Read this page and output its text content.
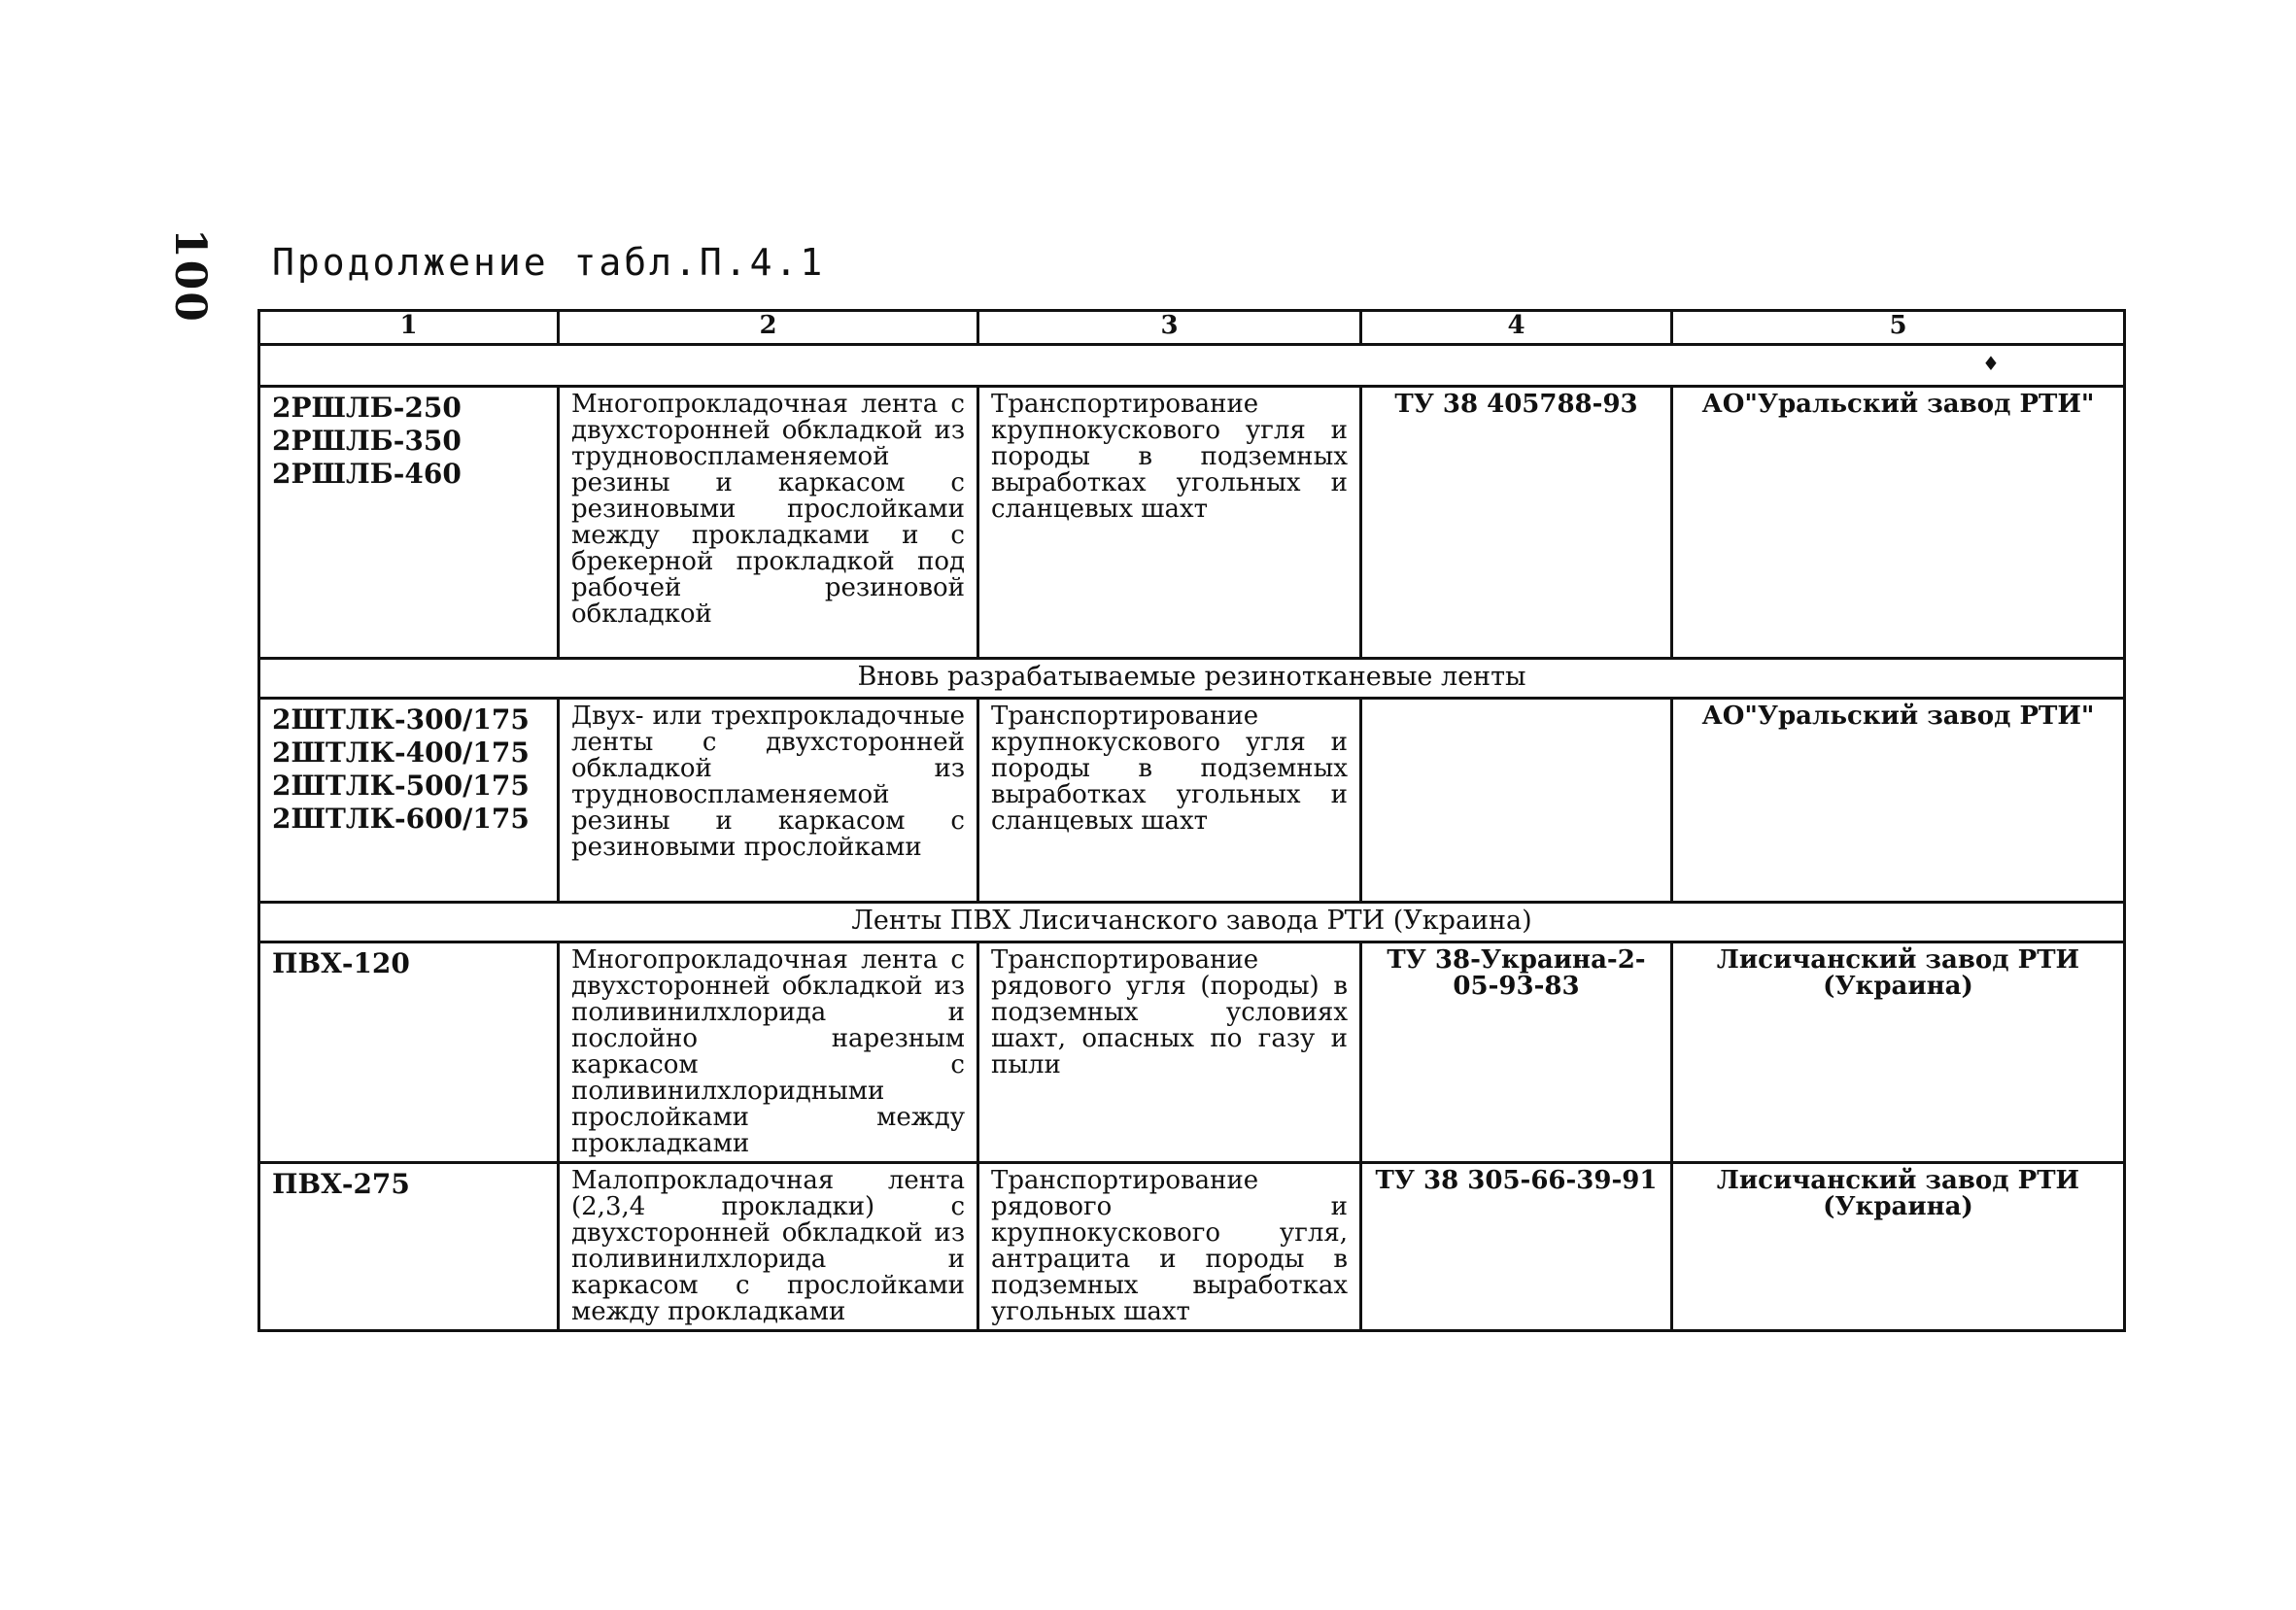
100 Продолжение табл.П.4.1
♦
1	2	3	4	5

2РШЛБ-250
2РШЛБ-350
2РШЛБ-460	Многопрокладочная лента с двухсторонней обкладкой из трудновоспламеняемой резины и каркасом с резиновыми прослойками между прокладками и с брекерной прокладкой под рабочей резиновой обкладкой	Транспортирование крупнокускового угля и породы в подземных выработках угольных и сланцевых шахт	ТУ 38 405788-93	АО"Уральский завод РТИ"
Вновь разрабатываемые резинотканевые ленты				

2ШТЛК-300/175
2ШТЛК-400/175
2ШТЛК-500/175
2ШТЛК-600/175	Двух- или трехпрокладочные ленты с двухсторонней обкладкой из трудновоспламеняемой резины и каркасом с резиновыми прослойками	Транспортирование крупнокускового угля и породы в подземных выработках угольных и сланцевых шахт		АО"Уральский завод РТИ"
Ленты ПВХ Лисичанского завода РТИ (Украина)				

ПВХ-120	Многопрокладочная лента с двухсторонней обкладкой из поливинилхлорида и послойно нарезным каркасом с поливинилхлоридными прослойками между прокладками	Транспортирование рядового угля (породы) в подземных условиях шахт, опасных по газу и пыли	ТУ 38-Украина-2-05-93-83	Лисичанский завод РТИ (Украина)

ПВХ-275	Малопрокладочная лента (2,3,4 прокладки) с двухсторонней обкладкой из поливинилхлорида и каркасом с прослойками между прокладками	Транспортирование рядового и крупнокускового угля, антрацита и породы в подземных выработках угольных шахт	ТУ 38 305-66-39-91	Лисичанский завод РТИ (Украина)
